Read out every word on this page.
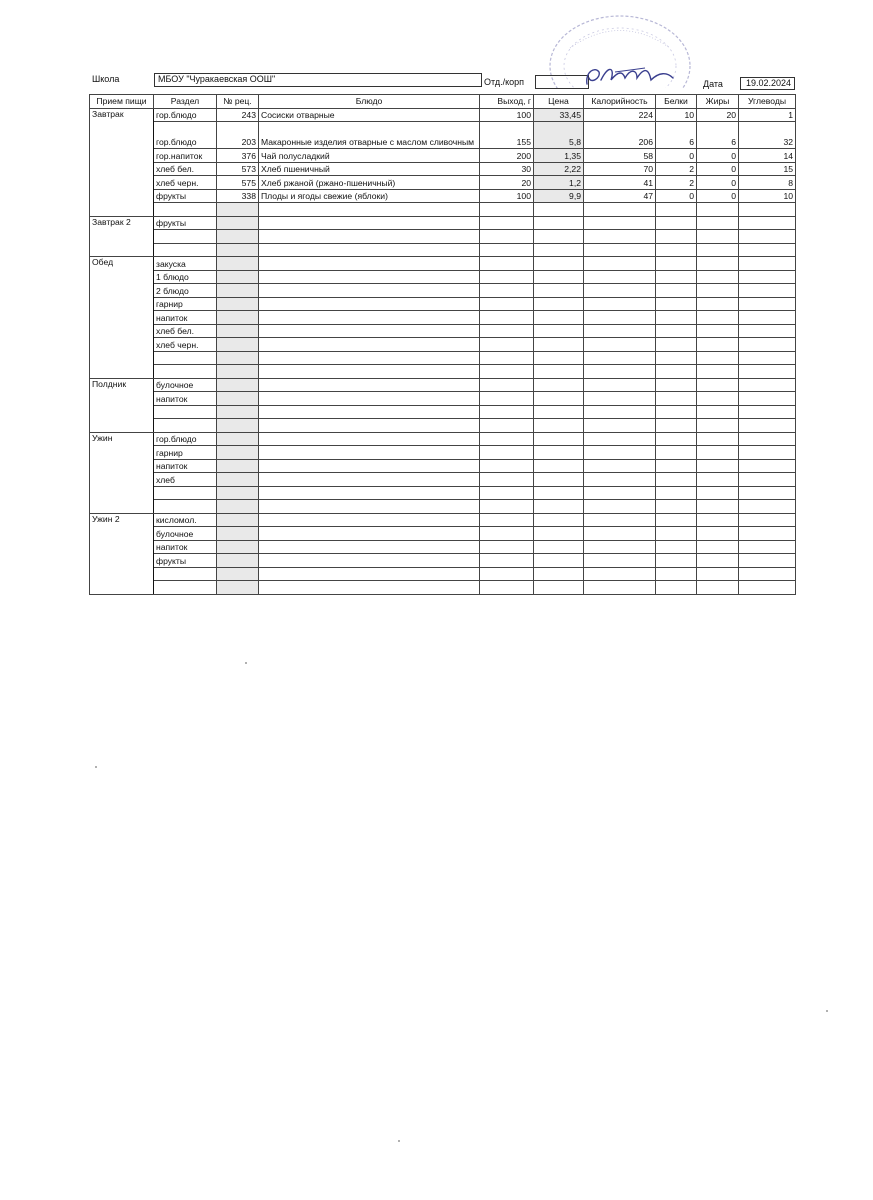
Школа	МБОУ "Чуракаевская ООШ"	Отд./корп	Дата	19.02.2024
Прием пищи	Раздел	№ рец.	Блюдо	Выход, г	Цена	Калорийность	Белки	Жиры	Углеводы
Завтрак	гор.блюдо	243	Сосиски отварные	100	33,45	224	10	20	1
	гор.блюдо	203	Макаронные изделия отварные с маслом сливочным	155	5,8	206	6	6	32
	гор.напиток	376	Чай полусладкий	200	1,35	58	0	0	14
	хлеб бел.	573	Хлеб пшеничный	30	2,22	70	2	0	15
	хлеб черн.	575	Хлеб ржаной (ржано-пшеничный)	20	1,2	41	2	0	8
	фрукты	338	Плоды и ягоды свежие (яблоки)	100	9,9	47	0	0	10

Завтрак 2	фрукты								

Обед	закуска								
	1 блюдо								
	2 блюдо								
	гарнир								
	напиток								
	хлеб бел.								
	хлеб черн.								

Полдник	булочное								
	напиток								

Ужин	гор.блюдо								
	гарнир								
	напиток								
	хлеб								

Ужин 2	кисломол.								
	булочное								
	напиток								
	фрукты								
